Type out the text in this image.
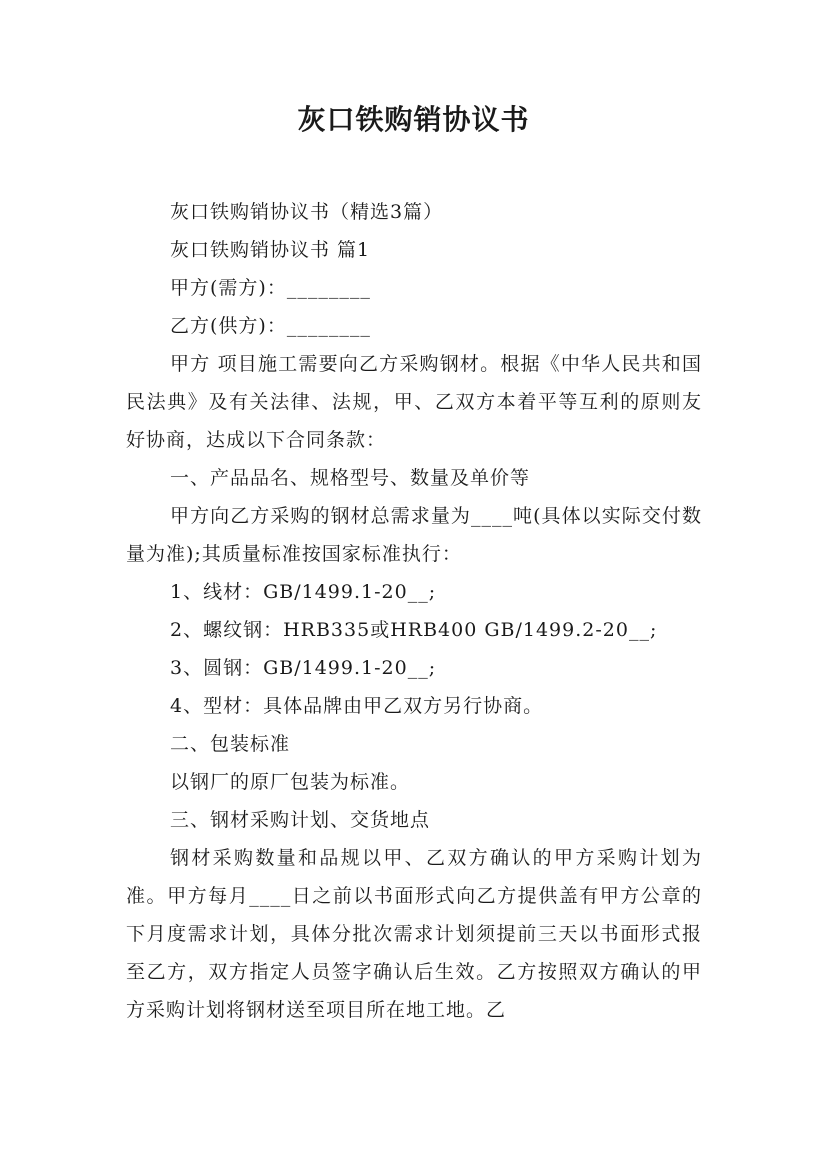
灰口铁购销协议书

灰口铁购销协议书（精选3篇）

灰口铁购销协议书 篇1

甲方(需方)：________

乙方(供方)：________

甲方 项目施工需要向乙方采购钢材。根据《中华人民共和国民法典》及有关法律、法规，甲、乙双方本着平等互利的原则友好协商，达成以下合同条款：

一、产品品名、规格型号、数量及单价等

甲方向乙方采购的钢材总需求量为____吨(具体以实际交付数量为准);其质量标准按国家标准执行：

1、线材：GB/1499.1-20__;

2、螺纹钢：HRB335或HRB400 GB/1499.2-20__;

3、圆钢：GB/1499.1-20__;

4、型材：具体品牌由甲乙双方另行协商。

二、包装标准

以钢厂的原厂包装为标准。

三、钢材采购计划、交货地点

钢材采购数量和品规以甲、乙双方确认的甲方采购计划为准。甲方每月____日之前以书面形式向乙方提供盖有甲方公章的下月度需求计划，具体分批次需求计划须提前三天以书面形式报至乙方，双方指定人员签字确认后生效。乙方按照双方确认的甲方采购计划将钢材送至项目所在地工地。乙
